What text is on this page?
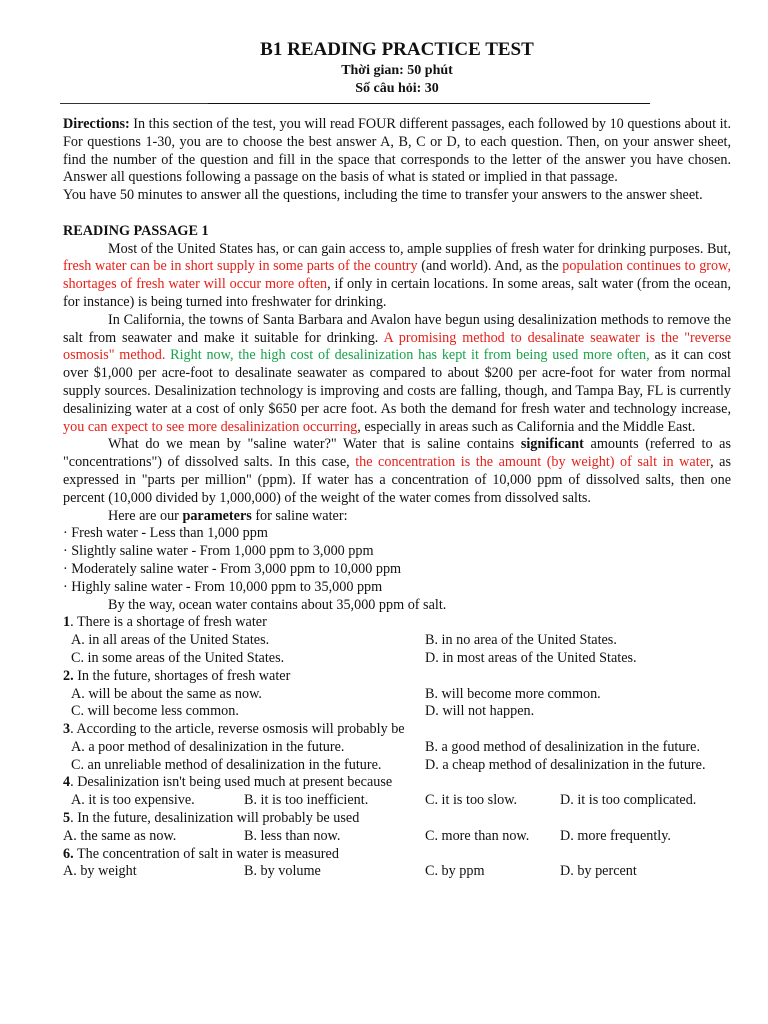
B1 READING PRACTICE TEST
Thời gian: 50 phút
Số câu hỏi: 30

Directions: In this section of the test, you will read FOUR different passages, each followed by 10 questions about it. For questions 1-30, you are to choose the best answer A, B, C or D, to each question. Then, on your answer sheet, find the number of the question and fill in the space that corresponds to the letter of the answer you have chosen. Answer all questions following a passage on the basis of what is stated or implied in that passage.

You have 50 minutes to answer all the questions, including the time to transfer your answers to the answer sheet.

READING PASSAGE 1

Most of the United States has, or can gain access to, ample supplies of fresh water for drinking purposes. But, fresh water can be in short supply in some parts of the country (and world). And, as the population continues to grow, shortages of fresh water will occur more often, if only in certain locations. In some areas, salt water (from the ocean, for instance) is being turned into freshwater for drinking.

In California, the towns of Santa Barbara and Avalon have begun using desalinization methods to remove the salt from seawater and make it suitable for drinking. A promising method to desalinate seawater is the "reverse osmosis" method. Right now, the high cost of desalinization has kept it from being used more often, as it can cost over $1,000 per acre-foot to desalinate seawater as compared to about $200 per acre-foot for water from normal supply sources. Desalinization technology is improving and costs are falling, though, and Tampa Bay, FL is currently desalinizing water at a cost of only $650 per acre foot. As both the demand for fresh water and technology increase, you can expect to see more desalinization occurring, especially in areas such as California and the Middle East.

What do we mean by "saline water?" Water that is saline contains significant amounts (referred to as "concentrations") of dissolved salts. In this case, the concentration is the amount (by weight) of salt in water, as expressed in "parts per million" (ppm). If water has a concentration of 10,000 ppm of dissolved salts, then one percent (10,000 divided by 1,000,000) of the weight of the water comes from dissolved salts.

Here are our parameters for saline water:

· Fresh water - Less than 1,000 ppm

· Slightly saline water - From 1,000 ppm to 3,000 ppm

· Moderately saline water - From 3,000 ppm to 10,000 ppm

· Highly saline water - From 10,000 ppm to 35,000 ppm

By the way, ocean water contains about 35,000 ppm of salt.

1. There is a shortage of fresh water
A. in all areas of the United States.	B. in no area of the United States.
C. in some areas of the United States.	D. in most areas of the United States.
2. In the future, shortages of fresh water
A. will be about the same as now.	B. will become more common.
C. will become less common.	D. will not happen.
3. According to the article, reverse osmosis will probably be
A. a poor method of desalinization in the future.	B. a good method of desalinization in the future.
C. an unreliable method of desalinization in the future.	D. a cheap method of desalinization in the future.
4. Desalinization isn't being used much at present because
A. it is too expensive.	B. it is too inefficient.	C. it is too slow.	D. it is too complicated.
5. In the future, desalinization will probably be used
A. the same as now.	B. less than now.	C. more than now. D. more frequently.
6. The concentration of salt in water is measured
A. by weight	B. by volume	C. by ppm	D. by percent
